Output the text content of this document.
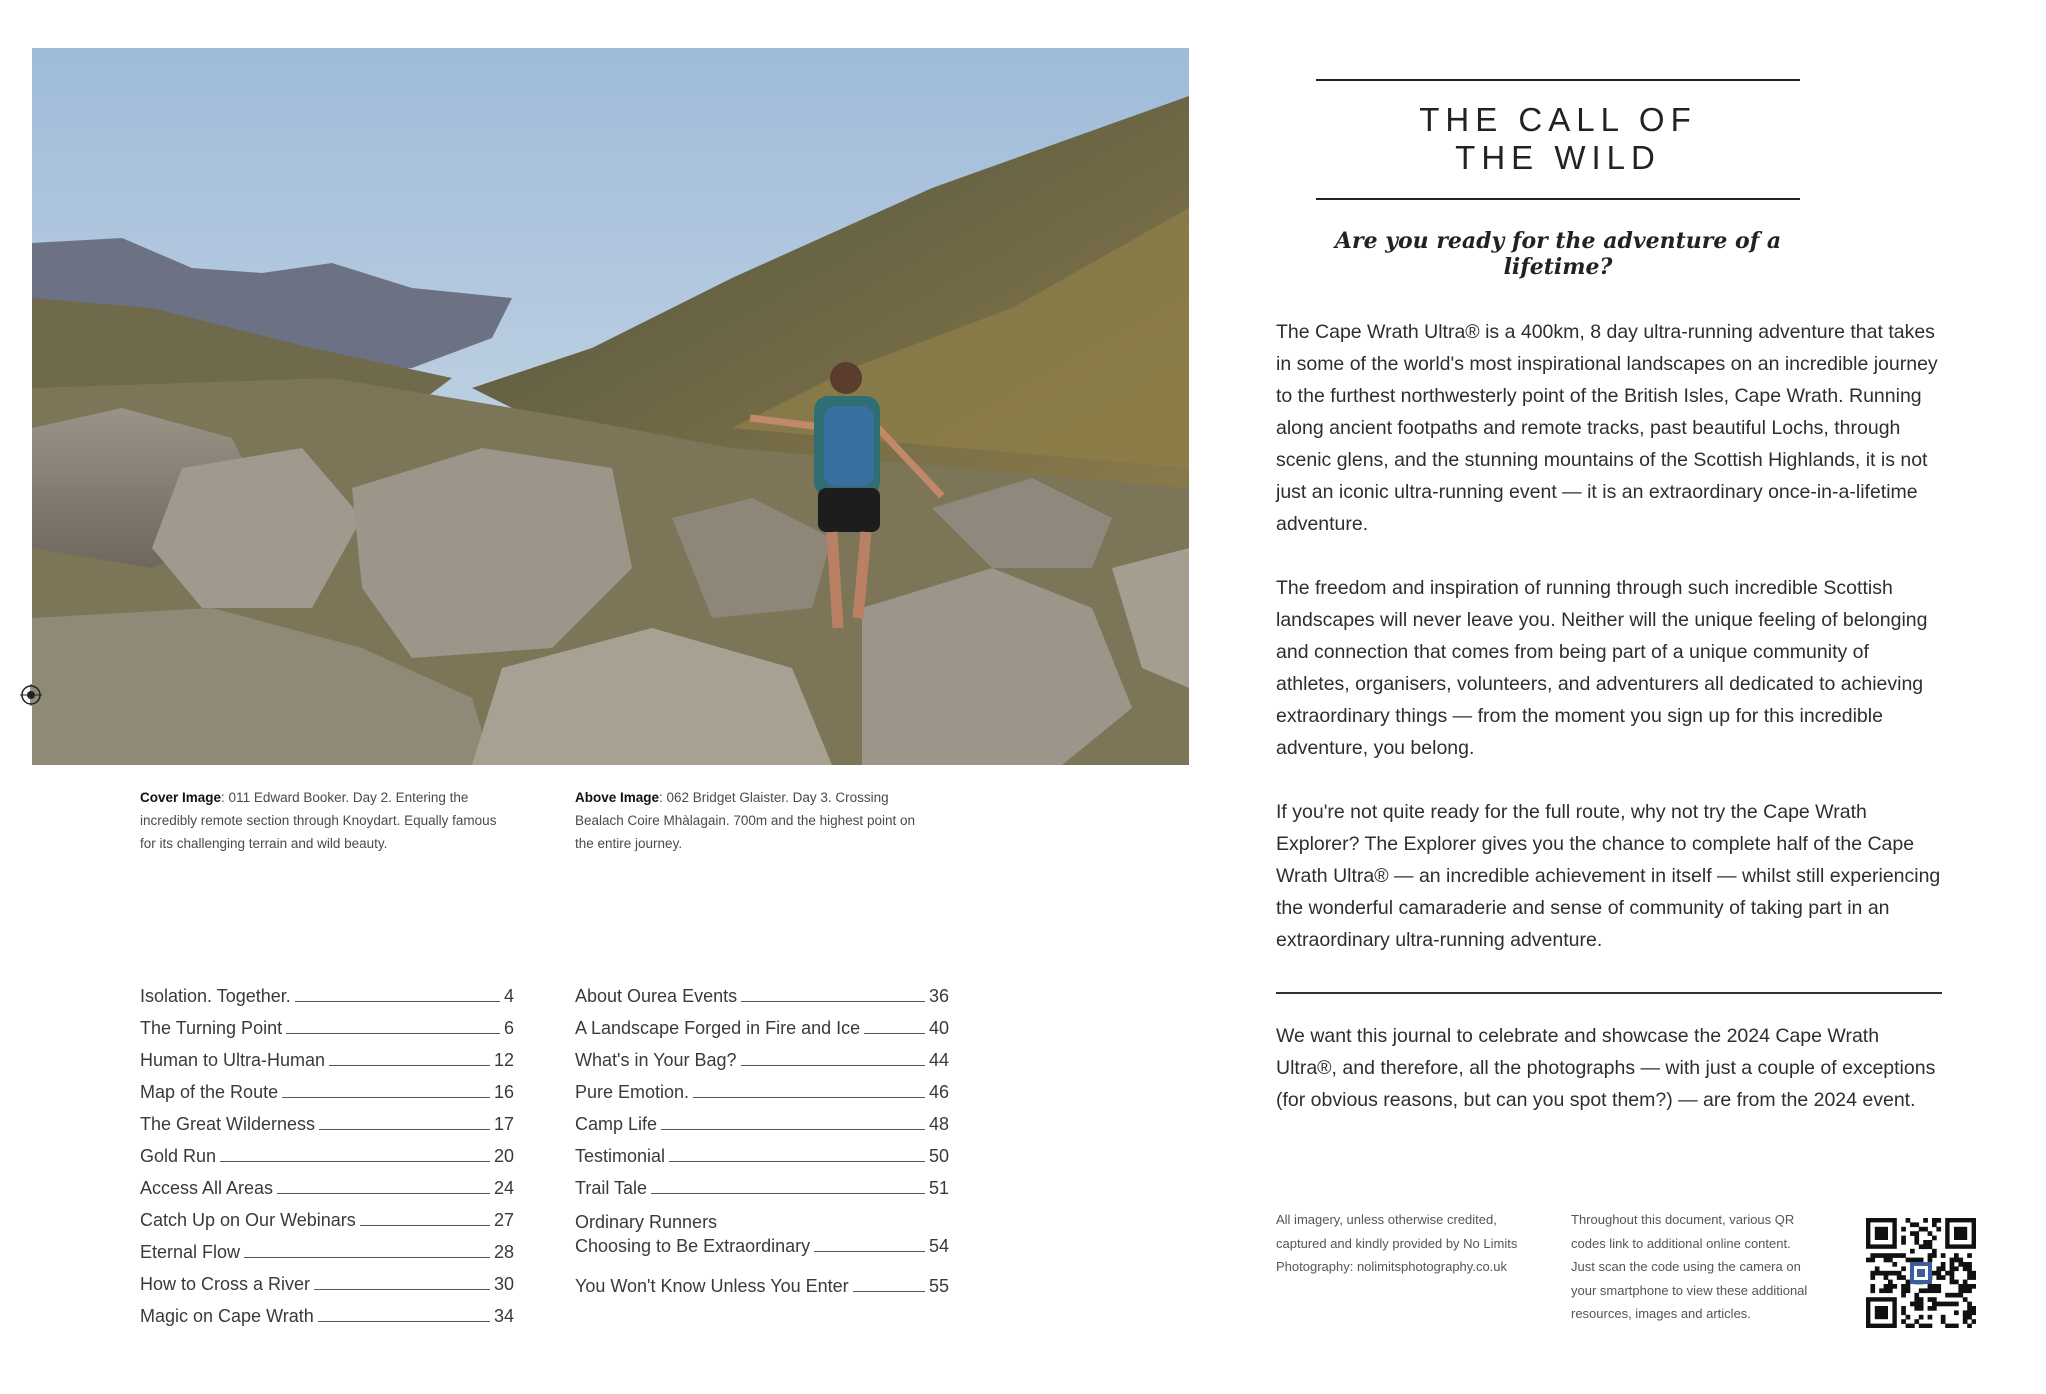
Cover Image: 011 Edward Booker. Day 2. Entering the incredibly remote section through Knoydart. Equally famous for its challenging terrain and wild beauty.
Above Image: 062 Bridget Glaister. Day 3. Crossing Bealach Coire Mhàlagain. 700m and the highest point on the entire journey.
Isolation. Together.	4
The Turning Point	6
Human to Ultra-Human	12
Map of the Route	16
The Great Wilderness	17
Gold Run	20
Access All Areas	24
Catch Up on Our Webinars	27
Eternal Flow	28
How to Cross a River	30
Magic on Cape Wrath	34
About Ourea Events	36
A Landscape Forged in Fire and Ice	40
What's in Your Bag?	44
Pure Emotion.	46
Camp Life	48
Testimonial	50
Trail Tale	51
Ordinary Runners
Choosing to Be Extraordinary	54
You Won't Know Unless You Enter	55
THE CALL OF
THE WILD
Are you ready for the adventure of a lifetime?

The Cape Wrath Ultra® is a 400km, 8 day ultra-running adventure that takes in some of the world's most inspirational landscapes on an incredible journey to the furthest northwesterly point of the British Isles, Cape Wrath. Running along ancient footpaths and remote tracks, past beautiful Lochs, through scenic glens, and the stunning mountains of the Scottish Highlands, it is not just an iconic ultra-running event — it is an extraordinary once-in-a-lifetime adventure.

The freedom and inspiration of running through such incredible Scottish landscapes will never leave you. Neither will the unique feeling of belonging and connection that comes from being part of a unique community of athletes, organisers, volunteers, and adventurers all dedicated to achieving extraordinary things — from the moment you sign up for this incredible adventure, you belong.

If you're not quite ready for the full route, why not try the Cape Wrath Explorer? The Explorer gives you the chance to complete half of the Cape Wrath Ultra® — an incredible achievement in itself — whilst still experiencing the wonderful camaraderie and sense of community of taking part in an extraordinary ultra-running adventure.

We want this journal to celebrate and showcase the 2024 Cape Wrath Ultra®, and therefore, all the photographs — with just a couple of exceptions (for obvious reasons, but can you spot them?) — are from the 2024 event.
All imagery, unless otherwise credited, captured and kindly provided by No Limits Photography: nolimitsphotography.co.uk
Throughout this document, various QR codes link to additional online content. Just scan the code using the camera on your smartphone to view these additional resources, images and articles.
